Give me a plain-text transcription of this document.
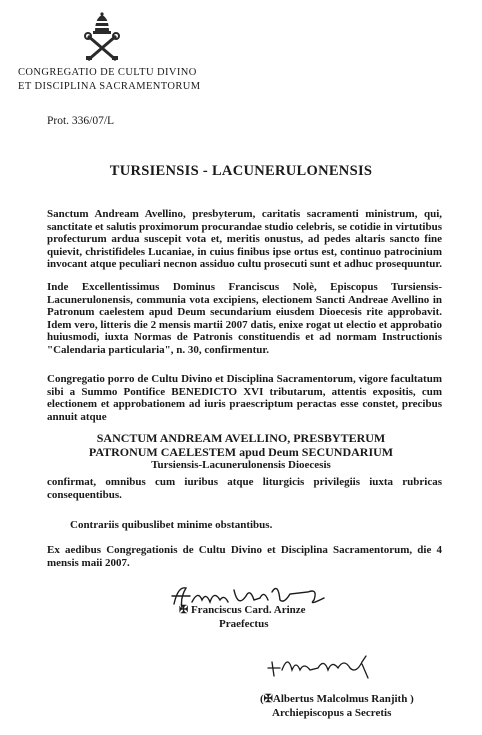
CONGREGATIO DE CULTU DIVINO
ET DISCIPLINA SACRAMENTORUM
Prot. 336/07/L
TURSIENSIS - LACUNERULONENSIS
Sanctum Andream Avellino, presbyterum, caritatis sacramenti ministrum, qui, sanctitate et salutis proximorum procurandae studio celebris, se cotidie in virtutibus profecturum ardua suscepit vota et, meritis onustus, ad pedes altaris sancto fine quievit, christifideles Lucaniae, in cuius finibus ipse ortus est, continuo patrocinium invocant atque peculiari necnon assiduo cultu prosecuti sunt et adhuc prosequuntur.
Inde Excellentissimus Dominus Franciscus Nolè, Episcopus Tursiensis-Lacunerulonensis, communia vota excipiens, electionem Sancti Andreae Avellino in Patronum caelestem apud Deum secundarium eiusdem Dioecesis rite approbavit. Idem vero, litteris die 2 mensis martii 2007 datis, enixe rogat ut electio et approbatio huiusmodi, iuxta Normas de Patronis constituendis et ad normam Instructionis "Calendaria particularia", n. 30, confirmentur.
Congregatio porro de Cultu Divino et Disciplina Sacramentorum, vigore facultatum sibi a Summo Pontifice BENEDICTO XVI tributarum, attentis expositis, cum electionem et approbationem ad iuris praescriptum peractas esse constet, precibus annuit atque
SANCTUM ANDREAM AVELLINO, PRESBYTERUM
PATRONUM CAELESTEM apud Deum SECUNDARIUM
Tursiensis-Lacunerulonensis Dioecesis
confirmat, omnibus cum iuribus atque liturgicis privilegiis iuxta rubricas consequentibus.
Contrariis quibuslibet minime obstantibus.
Ex aedibus Congregationis de Cultu Divino et Disciplina Sacramentorum, die 4 mensis maii 2007.
✠ Franciscus Card. Arinze
Praefectus
(✠Albertus Malcolmus Ranjith )
Archiepiscopus a Secretis
